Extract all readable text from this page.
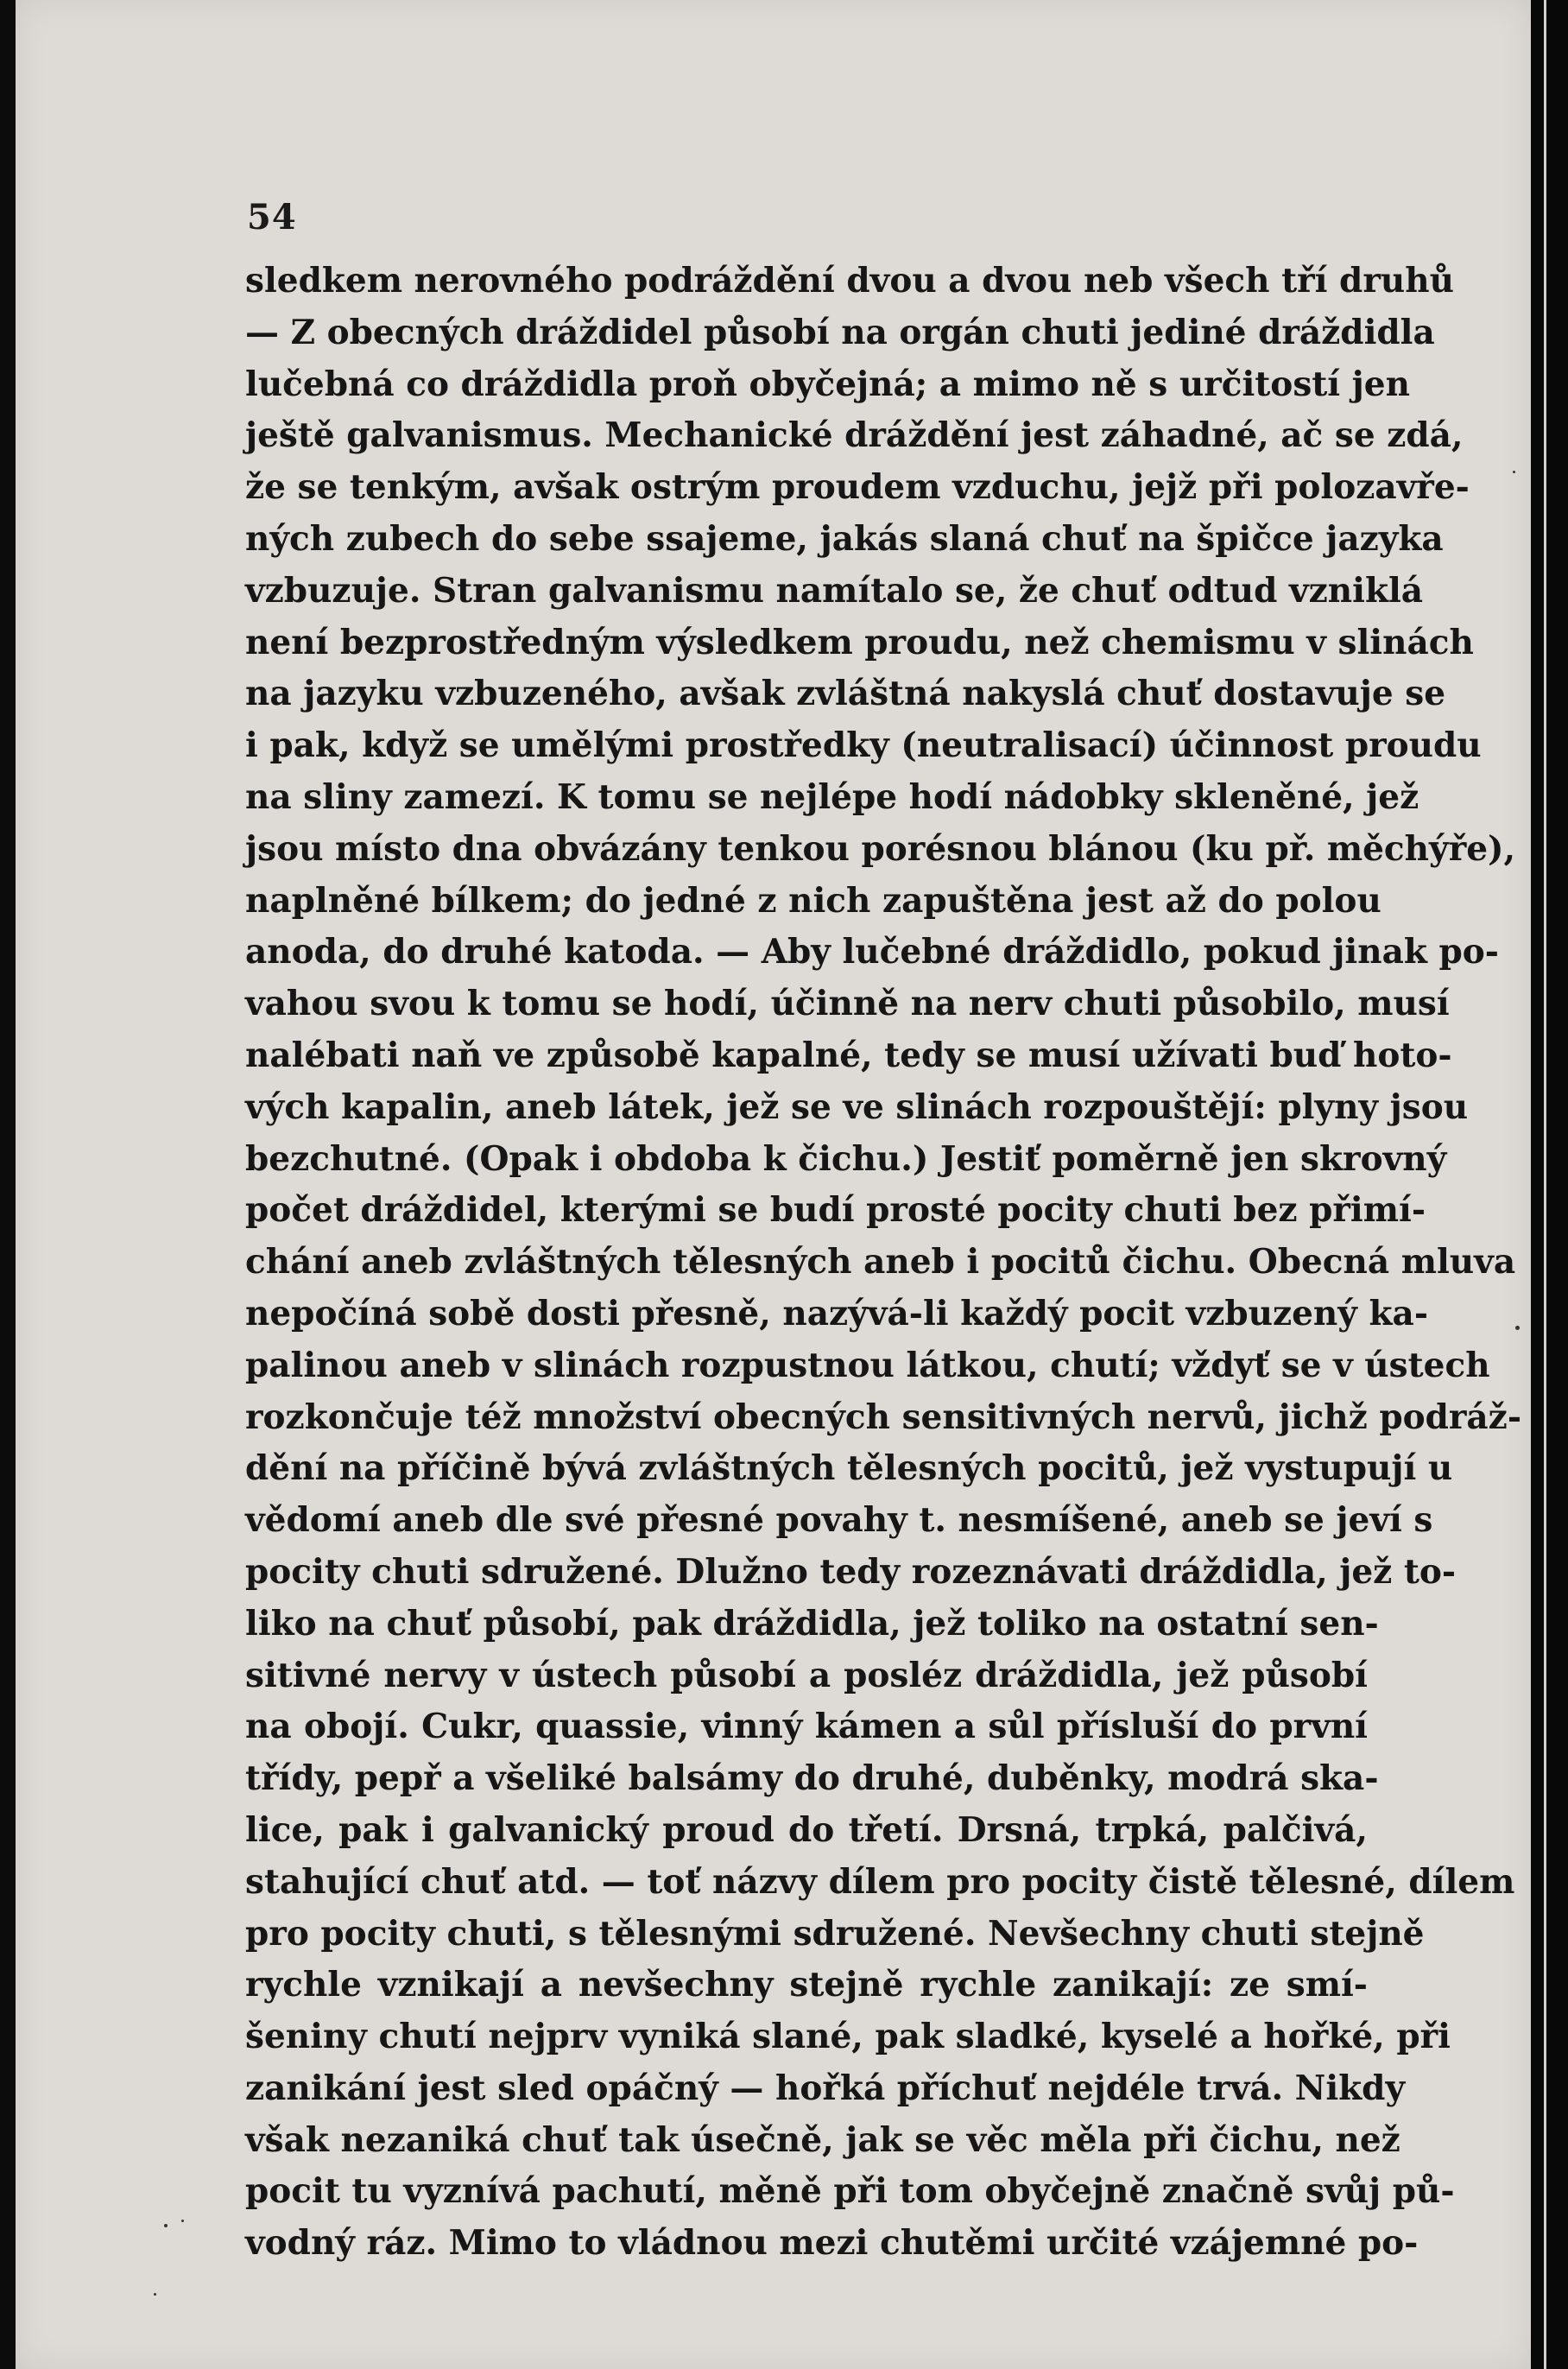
54
sledkem nerovného podráždění dvou a dvou neb všech tří druhů
— Z obecných dráždidel působí na orgán chuti jediné dráždidla
lučebná co dráždidla proň obyčejná; a mimo ně s určitostí jen
ještě galvanismus. Mechanické dráždění jest záhadné, ač se zdá,
že se tenkým, avšak ostrým proudem vzduchu, jejž při polozavře-
ných zubech do sebe ssajeme, jakás slaná chuť na špičce jazyka
vzbuzuje. Stran galvanismu namítalo se, že chuť odtud vzniklá
není bezprostředným výsledkem proudu, než chemismu v slinách
na jazyku vzbuzeného, avšak zvláštná nakyslá chuť dostavuje se
i pak, když se umělými prostředky (neutralisací) účinnost proudu
na sliny zamezí. K tomu se nejlépe hodí nádobky skleněné, jež
jsou místo dna obvázány tenkou porésnou blánou (ku př. měchýře),
naplněné bílkem; do jedné z nich zapuštěna jest až do polou
anoda, do druhé katoda. — Aby lučebné dráždidlo, pokud jinak po-
vahou svou k tomu se hodí, účinně na nerv chuti působilo, musí
nalébati naň ve způsobě kapalné, tedy se musí užívati buď hoto-
vých kapalin, aneb látek, jež se ve slinách rozpouštějí: plyny jsou
bezchutné. (Opak i obdoba k čichu.) Jestiť poměrně jen skrovný
počet dráždidel, kterými se budí prosté pocity chuti bez přimí-
chání aneb zvláštných tělesných aneb i pocitů čichu. Obecná mluva
nepočíná sobě dosti přesně, nazývá-li každý pocit vzbuzený ka-
palinou aneb v slinách rozpustnou látkou, chutí; vždyť se v ústech
rozkončuje též množství obecných sensitivných nervů, jichž podráž-
dění na příčině bývá zvláštných tělesných pocitů, jež vystupují u
vědomí aneb dle své přesné povahy t. nesmíšené, aneb se jeví s
pocity chuti sdružené. Dlužno tedy rozeznávati dráždidla, jež to-
liko na chuť působí, pak dráždidla, jež toliko na ostatní sen-
sitivné nervy v ústech působí a posléz dráždidla, jež působí
na obojí. Cukr, quassie, vinný kámen a sůl přísluší do první
třídy, pepř a všeliké balsámy do druhé, duběnky, modrá ska-
lice, pak i galvanický proud do třetí. Drsná, trpká, palčivá,
stahující chuť atd. — toť názvy dílem pro pocity čistě tělesné, dílem
pro pocity chuti, s tělesnými sdružené. Nevšechny chuti stejně
rychle vznikají a nevšechny stejně rychle zanikají: ze smí-
šeniny chutí nejprv vyniká slané, pak sladké, kyselé a hořké, při
zanikání jest sled opáčný — hořká příchuť nejdéle trvá. Nikdy
však nezaniká chuť tak úsečně, jak se věc měla při čichu, než
pocit tu vyznívá pachutí, měně při tom obyčejně značně svůj pů-
vodný ráz. Mimo to vládnou mezi chutěmi určité vzájemné po-
